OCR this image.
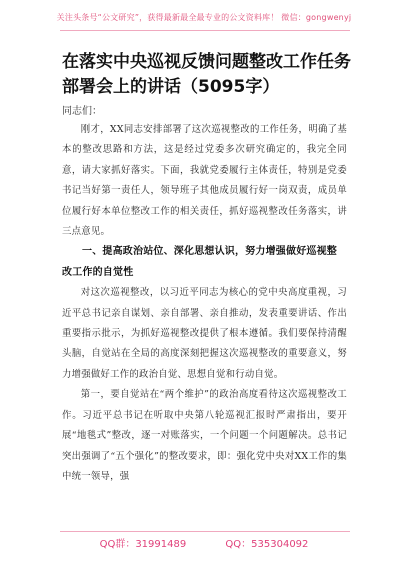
关注头条号“公文研究”，获得最新最全最专业的公文资料库！ 微信：gongwenyj
在落实中央巡视反馈问题整改工作任务部署会上的讲话（5095字）
同志们：

刚才，XX同志安排部署了这次巡视整改的工作任务，明确了基本的整改思路和方法，这是经过党委多次研究确定的，我完全同意，请大家抓好落实。下面，我就党委履行主体责任，特别是党委书记当好第一责任人，领导班子其他成员履行好一岗双责，成员单位履行好本单位整改工作的相关责任，抓好巡视整改任务落实，讲三点意见。

一、提高政治站位、深化思想认识，努力增强做好巡视整改工作的自觉性

对这次巡视整改，以习近平同志为核心的党中央高度重视，习近平总书记亲自谋划、亲自部署、亲自推动，发表重要讲话、作出重要指示批示，为抓好巡视整改提供了根本遵循。我们要保持清醒头脑，自觉站在全局的高度深刻把握这次巡视整改的重要意义，努力增强做好工作的政治自觉、思想自觉和行动自觉。

第一，要自觉站在“两个维护”的政治高度看待这次巡视整改工作。习近平总书记在听取中央第八轮巡视汇报时严肃指出，要开展“地毯式”整改，逐一对账落实，一个问题一个问题解决。总书记突出强调了“五个强化”的整改要求，即：强化党中央对XX工作的集中统一领导，强

QQ群：31991489	QQ：535304092
